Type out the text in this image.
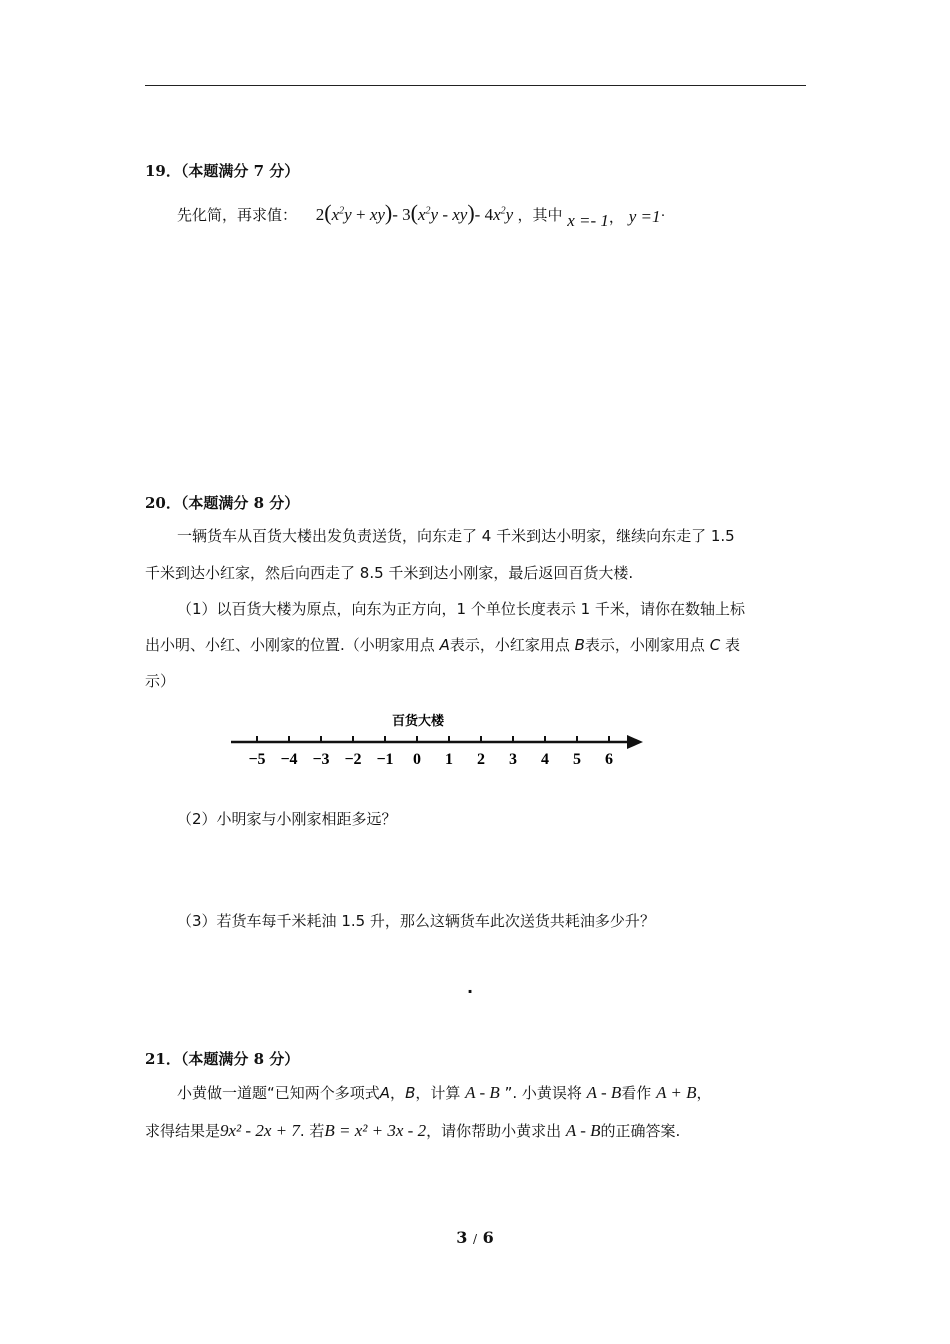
19．（本题满分 7 分）
先化简，再求值： $2(x^2y + xy)-$ $3(x^2y - xy)-$ $4x^2y$ ，其中 x =- 1， y =1·
20．（本题满分 8 分）
一辆货车从百货大楼出发负责送货，向东走了 4 千米到达小明家，继续向东走了 1.5
千米到达小红家，然后向西走了 8.5 千米到达小刚家，最后返回百货大楼.
（1）以百货大楼为原点，向东为正方向，1 个单位长度表示 1 千米，请你在数轴上标
出小明、小红、小刚家的位置.（小明家用点 A表示，小红家用点 B表示，小刚家用点 C 表
示）
百货大楼
−5 −4 −3 −2 −1 0 1 2 3 4 5 6
（2）小明家与小刚家相距多远？
（3）若货车每千米耗油 1.5 升，那么这辆货车此次送货共耗油多少升？
.
21．（本题满分 8 分）
小黄做一道题“已知两个多项式A，B，计算 A - B ”. 小黄误将 A - B看作 A + B，
求得结果是9x² - 2x + 7. 若B = x² + 3x - 2，请你帮助小黄求出 A - B的正确答案.
3 / 6
